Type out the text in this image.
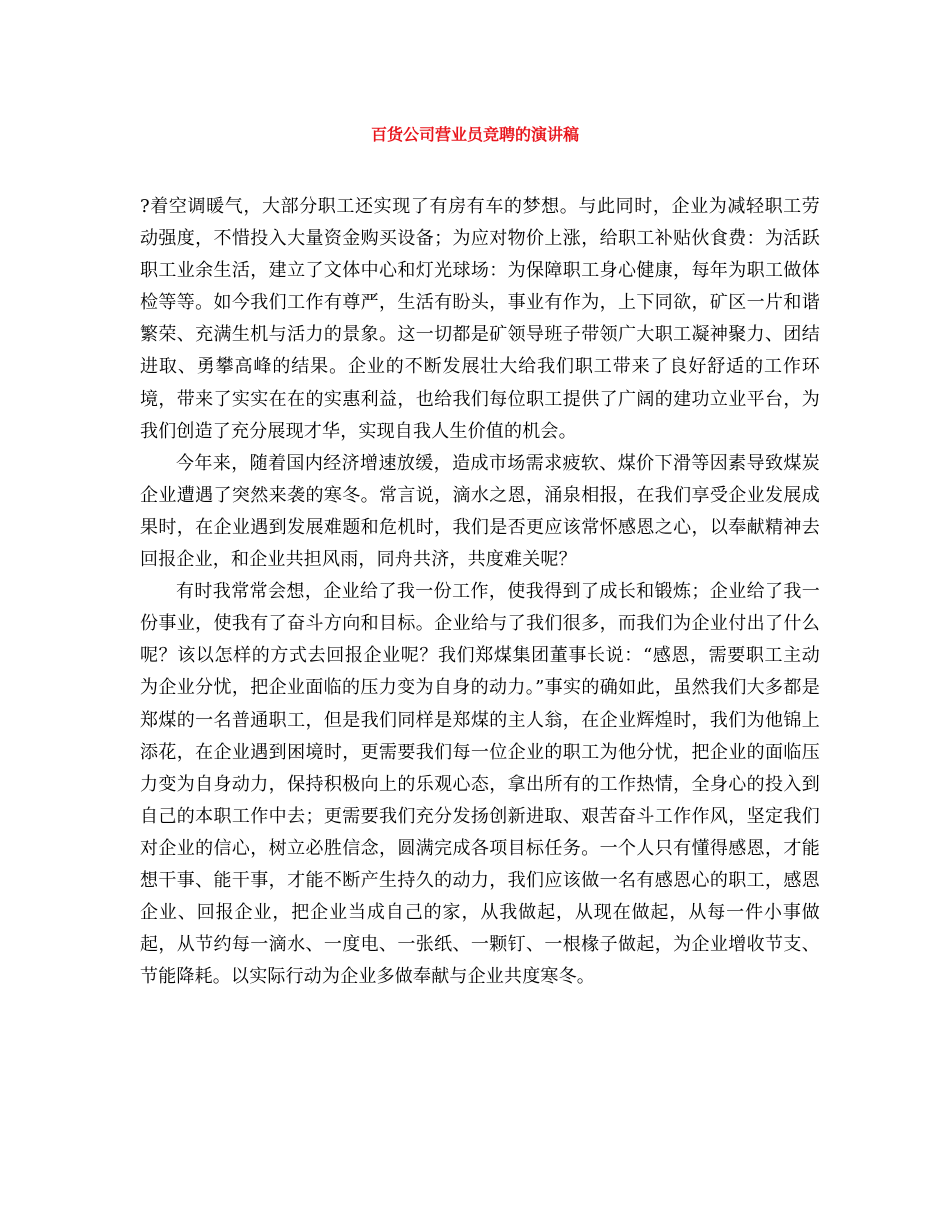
百货公司营业员竞聘的演讲稿

?着空调暖气，大部分职工还实现了有房有车的梦想。与此同时，企业为减轻职工劳动强度，不惜投入大量资金购买设备；为应对物价上涨，给职工补贴伙食费：为活跃职工业余生活，建立了文体中心和灯光球场：为保障职工身心健康，每年为职工做体检等等。如今我们工作有尊严，生活有盼头，事业有作为，上下同欲，矿区一片和谐繁荣、充满生机与活力的景象。这一切都是矿领导班子带领广大职工凝神聚力、团结进取、勇攀高峰的结果。企业的不断发展壮大给我们职工带来了良好舒适的工作环境，带来了实实在在的实惠利益，也给我们每位职工提供了广阔的建功立业平台，为我们创造了充分展现才华，实现自我人生价值的机会。

今年来，随着国内经济增速放缓，造成市场需求疲软、煤价下滑等因素导致煤炭企业遭遇了突然来袭的寒冬。常言说，滴水之恩，涌泉相报，在我们享受企业发展成果时，在企业遇到发展难题和危机时，我们是否更应该常怀感恩之心，以奉献精神去回报企业，和企业共担风雨，同舟共济，共度难关呢？

有时我常常会想，企业给了我一份工作，使我得到了成长和锻炼；企业给了我一份事业，使我有了奋斗方向和目标。企业给与了我们很多，而我们为企业付出了什么呢？该以怎样的方式去回报企业呢？我们郑煤集团董事长说：“感恩，需要职工主动为企业分忧，把企业面临的压力变为自身的动力。”事实的确如此，虽然我们大多都是郑煤的一名普通职工，但是我们同样是郑煤的主人翁，在企业辉煌时，我们为他锦上添花，在企业遇到困境时，更需要我们每一位企业的职工为他分忧，把企业的面临压力变为自身动力，保持积极向上的乐观心态，拿出所有的工作热情，全身心的投入到自己的本职工作中去；更需要我们充分发扬创新进取、艰苦奋斗工作作风，坚定我们对企业的信心，树立必胜信念，圆满完成各项目标任务。一个人只有懂得感恩，才能想干事、能干事，才能不断产生持久的动力，我们应该做一名有感恩心的职工，感恩企业、回报企业，把企业当成自己的家，从我做起，从现在做起，从每一件小事做起，从节约每一滴水、一度电、一张纸、一颗钉、一根椽子做起，为企业增收节支、节能降耗。以实际行动为企业多做奉献与企业共度寒冬。
